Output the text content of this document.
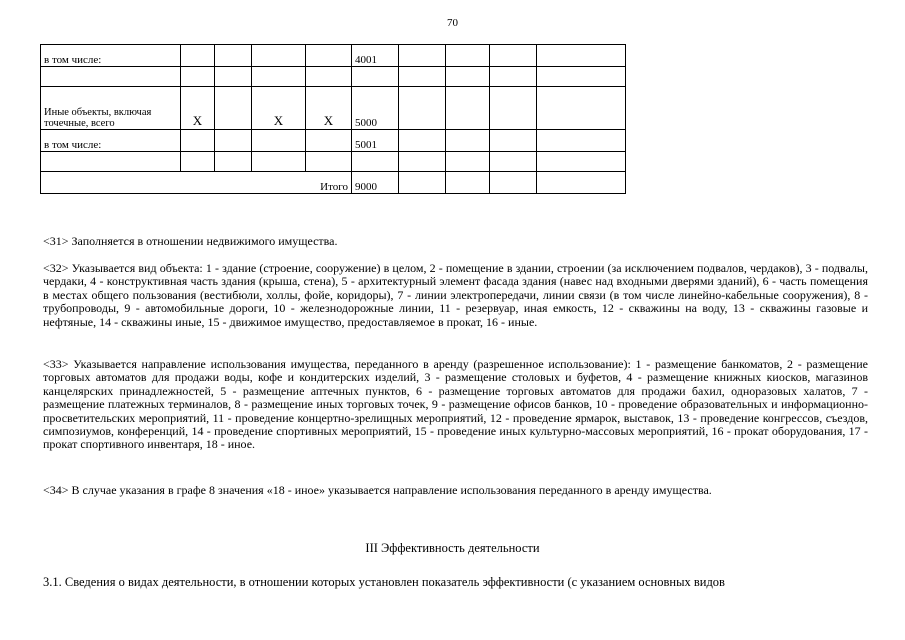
70
в том числе:					4001				

Иные объекты, включая точечные, всего	X		X	X	5000				
в том числе:					5001				

Итого					9000				

<31> Заполняется в отношении недвижимого имущества.

<32> Указывается вид объекта: 1 - здание (строение, сооружение) в целом, 2 - помещение в здании, строении (за исключением подвалов, чердаков), 3 - подвалы, чердаки, 4 - конструктивная часть здания (крыша, стена), 5 - архитектурный элемент фасада здания (навес над входными дверями зданий), 6 - часть помещения в местах общего пользования (вестибюли, холлы, фойе, коридоры), 7 - линии электропередачи, линии связи (в том числе линейно-кабельные сооружения), 8 - трубопроводы, 9 - автомобильные дороги, 10 - железнодорожные линии, 11 - резервуар, иная емкость, 12 - скважины на воду, 13 - скважины газовые и нефтяные, 14 - скважины иные, 15 - движимое имущество, предоставляемое в прокат, 16 - иные.

<33> Указывается направление использования имущества, переданного в аренду (разрешенное использование): 1 - размещение банкоматов, 2 - размещение торговых автоматов для продажи воды, кофе и кондитерских изделий, 3 - размещение столовых и буфетов, 4 - размещение книжных киосков, магазинов канцелярских принадлежностей, 5 - размещение аптечных пунктов, 6 - размещение торговых автоматов для продажи бахил, одноразовых халатов, 7 - размещение платежных терминалов, 8 - размещение иных торговых точек, 9 - размещение офисов банков, 10 - проведение образовательных и информационно-просветительских мероприятий, 11 - проведение концертно-зрелищных мероприятий, 12 - проведение ярмарок, выставок, 13 - проведение конгрессов, съездов, симпозиумов, конференций, 14 - проведение спортивных мероприятий, 15 - проведение иных культурно-массовых мероприятий, 16 - прокат оборудования, 17 - прокат спортивного инвентаря, 18 - иное.

<34> В случае указания в графе 8 значения «18 - иное» указывается направление использования переданного в аренду имущества.

III Эффективность деятельности
3.1. Сведения о видах деятельности, в отношении которых установлен показатель эффективности (с указанием основных видов
